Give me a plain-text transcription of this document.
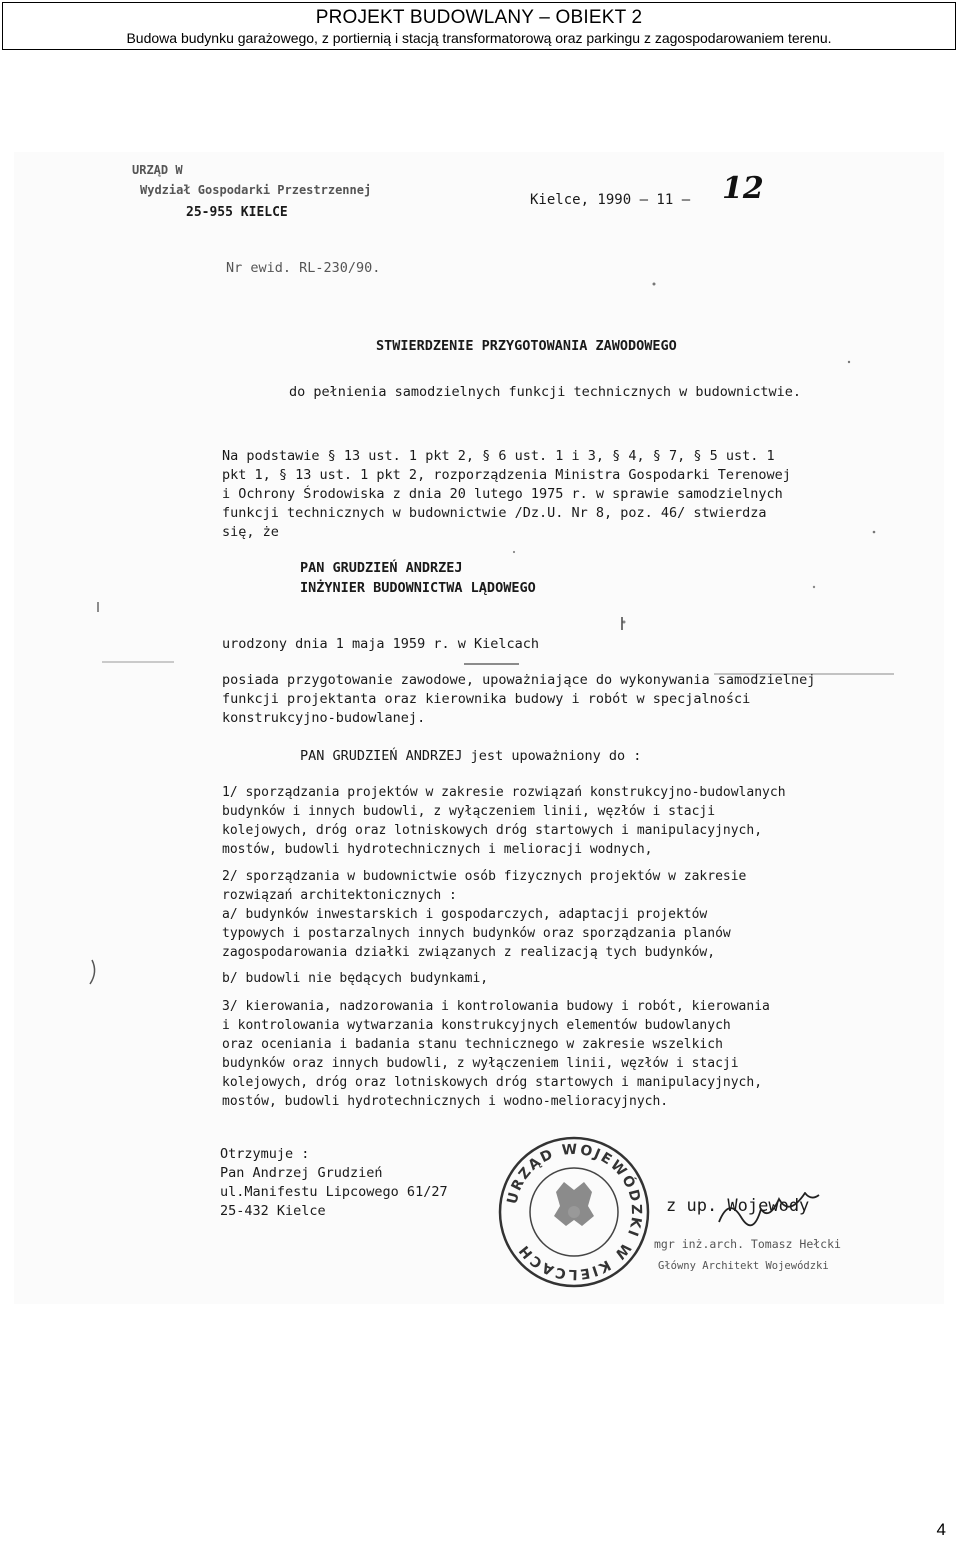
PROJEKT BUDOWLANY – OBIEKT 2
Budowa budynku garażowego, z portiernią i stacją transformatorową oraz parkingu z zagospodarowaniem terenu.
URZĄD W
Wydział Gospodarki Przestrzennej
25-955 KIELCE
Kielce, 1990 – 11 – 12
Nr ewid. RL-230/90.
STWIERDZENIE PRZYGOTOWANIA ZAWODOWEGO
do pełnienia samodzielnych funkcji technicznych w budownictwie.
Na podstawie § 13 ust. 1 pkt 2, § 6 ust. 1 i 3, § 4, § 7, § 5 ust. 1
pkt 1, § 13 ust. 1 pkt 2, rozporządzenia Ministra Gospodarki Terenowej
i Ochrony Środowiska z dnia 20 lutego 1975 r. w sprawie samodzielnych
funkcji technicznych w budownictwie /Dz.U. Nr 8, poz. 46/ stwierdza
się, że
PAN GRUDZIEŃ ANDRZEJ
INŻYNIER BUDOWNICTWA LĄDOWEGO
urodzony dnia 1 maja 1959 r. w Kielcach
posiada przygotowanie zawodowe, upoważniające do wykonywania samodzielnej
funkcji projektanta oraz kierownika budowy i robót w specjalności
konstrukcyjno-budowlanej.
PAN GRUDZIEŃ ANDRZEJ jest upoważniony do :
1/ sporządzania projektów w zakresie rozwiązań konstrukcyjno-budowlanych
budynków i innych budowli, z wyłączeniem linii, węzłów i stacji
kolejowych, dróg oraz lotniskowych dróg startowych i manipulacyjnych,
mostów, budowli hydrotechnicznych i melioracji wodnych,
2/ sporządzania w budownictwie osób fizycznych projektów w zakresie
rozwiązań architektonicznych :
a/ budynków inwestarskich i gospodarczych, adaptacji projektów
typowych i postarzalnych innych budynków oraz sporządzania planów
zagospodarowania działki związanych z realizacją tych budynków,
b/ budowli nie będących budynkami,
3/ kierowania, nadzorowania i kontrolowania budowy i robót, kierowania
i kontrolowania wytwarzania konstrukcyjnych elementów budowlanych
oraz oceniania i badania stanu technicznego w zakresie wszelkich
budynków oraz innych budowli, z wyłączeniem linii, węzłów i stacji
kolejowych, dróg oraz lotniskowych dróg startowych i manipulacyjnych,
mostów, budowli hydrotechnicznych i wodno-melioracyjnych.
Otrzymuje :
Pan Andrzej Grudzień
ul.Manifestu Lipcowego 61/27
25-432 Kielce
URZĄD WOJEWÓDZKI W KIELCACH
z up. Wojewody
mgr inż.arch. Tomasz Hełcki
Główny Architekt Wojewódzki
4
